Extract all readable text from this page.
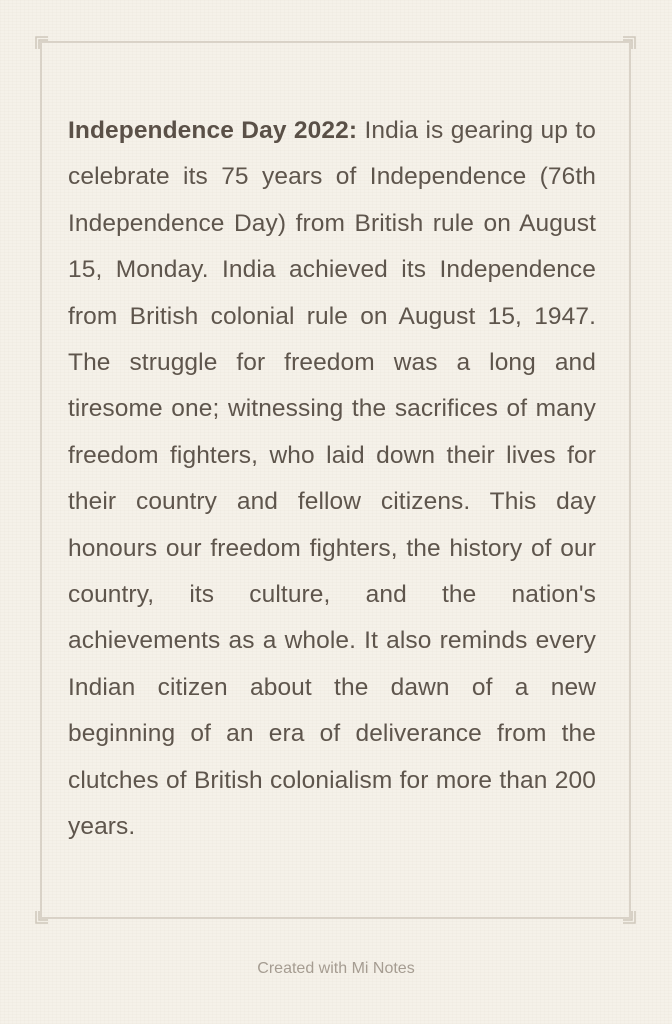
Independence Day 2022: India is gearing up to celebrate its 75 years of Independence (76th Independence Day) from British rule on August 15, Monday. India achieved its Independence from British colonial rule on August 15, 1947. The struggle for freedom was a long and tiresome one; witnessing the sacrifices of many freedom fighters, who laid down their lives for their country and fellow citizens. This day honours our freedom fighters, the history of our country, its culture, and the nation's achievements as a whole. It also reminds every Indian citizen about the dawn of a new beginning of an era of deliverance from the clutches of British colonialism for more than 200 years.

Created with Mi Notes
